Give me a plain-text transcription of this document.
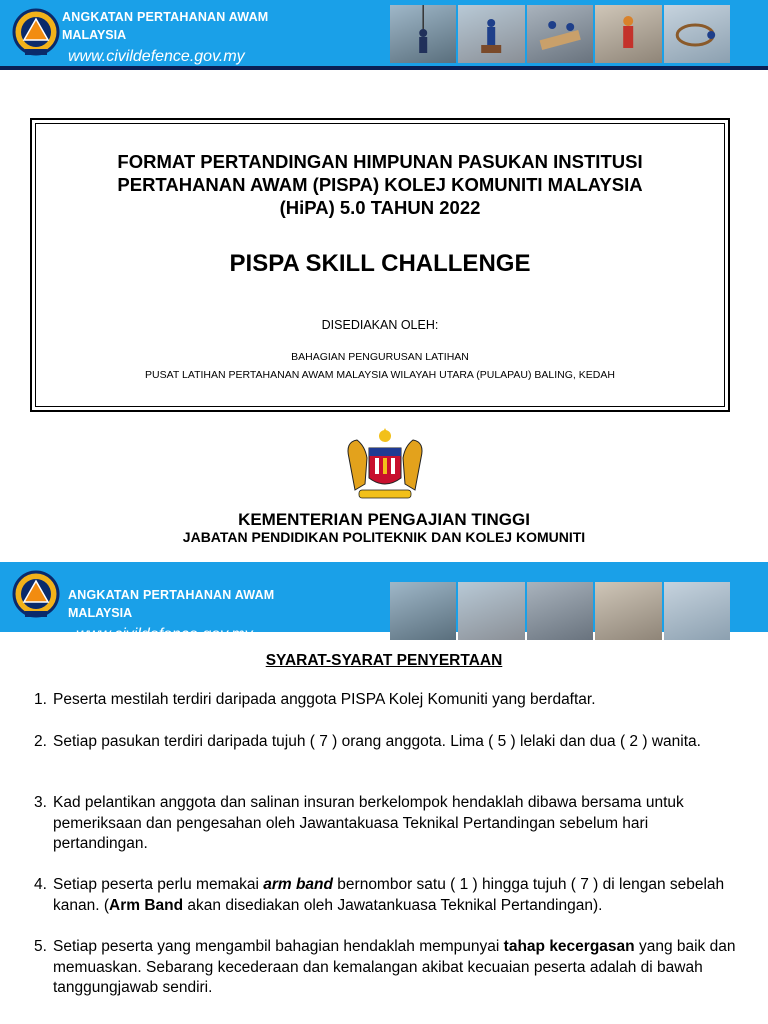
ANGKATAN PERTAHANAN AWAM
MALAYSIA
www.civildefence.gov.my
FORMAT PERTANDINGAN HIMPUNAN PASUKAN INSTITUSI
PERTAHANAN AWAM (PISPA) KOLEJ KOMUNITI MALAYSIA
(HiPA) 5.0 TAHUN 2022
PISPA SKILL CHALLENGE
DISEDIAKAN OLEH:
BAHAGIAN PENGURUSAN LATIHAN
PUSAT LATIHAN PERTAHANAN AWAM MALAYSIA WILAYAH UTARA (PULAPAU) BALING, KEDAH
KEMENTERIAN PENGAJIAN TINGGI
JABATAN PENDIDIKAN POLITEKNIK DAN KOLEJ KOMUNITI
ANGKATAN PERTAHANAN AWAM
MALAYSIA
www.civildefence.gov.my
SYARAT-SYARAT PENYERTAAN
1. Peserta mestilah terdiri daripada anggota PISPA Kolej Komuniti yang berdaftar.
2. Setiap pasukan terdiri daripada tujuh ( 7 ) orang anggota. Lima ( 5 ) lelaki dan dua ( 2 ) wanita.
3. Kad pelantikan anggota dan salinan insuran berkelompok hendaklah dibawa bersama untuk pemeriksaan dan pengesahan oleh Jawantakuasa Teknikal Pertandingan sebelum hari pertandingan.
4. Setiap peserta perlu memakai arm band bernombor satu ( 1 ) hingga tujuh ( 7 ) di lengan sebelah kanan. (Arm Band akan disediakan oleh Jawatankuasa Teknikal Pertandingan).
5. Setiap peserta yang mengambil bahagian hendaklah mempunyai tahap kecergasan yang baik dan memuaskan. Sebarang kecederaan dan kemalangan akibat kecuaian peserta adalah di bawah tanggungjawab sendiri.
